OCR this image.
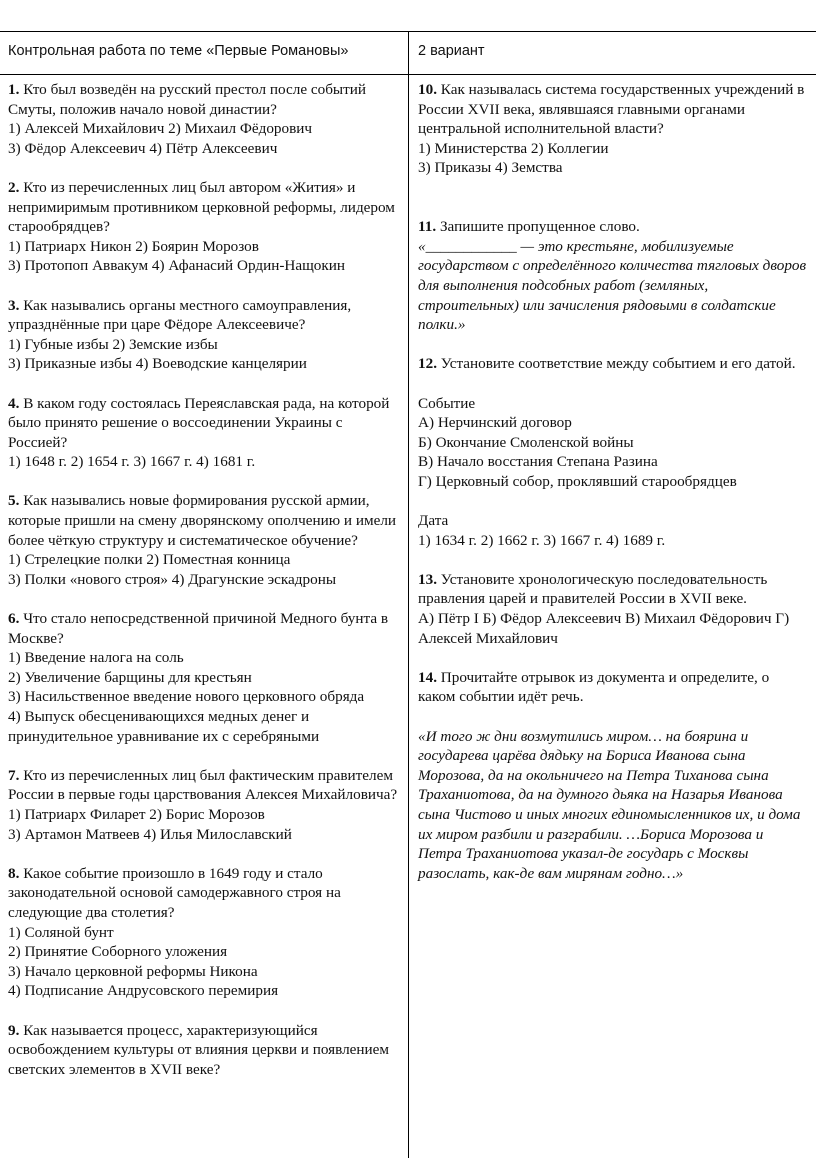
Контрольная работа по теме «Первые Романовы»	2 вариант

1. Кто был возведён на русский престол после событий Смуты, положив начало новой династии?

1) Алексей Михайлович 2) Михаил Фёдорович

3) Фёдор Алексеевич 4) Пётр Алексеевич

2. Кто из перечисленных лиц был автором «Жития» и непримиримым противником церковной реформы, лидером старообрядцев?

1) Патриарх Никон 2) Боярин Морозов

3) Протопоп Аввакум 4) Афанасий Ордин-Нащокин

3. Как назывались органы местного самоуправления, упразднённые при царе Фёдоре Алексеевиче?

1) Губные избы 2) Земские избы

3) Приказные избы 4) Воеводские канцелярии

4. В каком году состоялась Переяславская рада, на которой было принято решение о воссоединении Украины с Россией?

1) 1648 г. 2) 1654 г. 3) 1667 г. 4) 1681 г.

5. Как назывались новые формирования русской армии, которые пришли на смену дворянскому ополчению и имели более чёткую структуру и систематическое обучение?

1) Стрелецкие полки 2) Поместная конница

3) Полки «нового строя» 4) Драгунские эскадроны

6. Что стало непосредственной причиной Медного бунта в Москве?

1) Введение налога на соль

2) Увеличение барщины для крестьян

3) Насильственное введение нового церковного обряда

4) Выпуск обесценивающихся медных денег и принудительное уравнивание их с серебряными

7. Кто из перечисленных лиц был фактическим правителем России в первые годы царствования Алексея Михайловича?

1) Патриарх Филарет 2) Борис Морозов

3) Артамон Матвеев 4) Илья Милославский

8. Какое событие произошло в 1649 году и стало законодательной основой самодержавного строя на следующие два столетия?

1) Соляной бунт

2) Принятие Соборного уложения

3) Начало церковной реформы Никона

4) Подписание Андрусовского перемирия

9. Как называется процесс, характеризующийся освобождением культуры от влияния церкви и появлением светских элементов в XVII веке?

10. Как называлась система государственных учреждений в России XVII века, являвшаяся главными органами центральной исполнительной власти?

1) Министерства 2) Коллегии

3) Приказы 4) Земства

11. Запишите пропущенное слово.

«____________ — это крестьяне, мобилизуемые государством с определённого количества тягловых дворов для выполнения подсобных работ (земляных, строительных) или зачисления рядовыми в солдатские полки.»

12. Установите соответствие между событием и его датой.

Событие

А) Нерчинский договор

Б) Окончание Смоленской войны

В) Начало восстания Степана Разина

Г) Церковный собор, проклявший старообрядцев

Дата

1) 1634 г. 2) 1662 г. 3) 1667 г. 4) 1689 г.

13. Установите хронологическую последовательность правления царей и правителей России в XVII веке.

А) Пётр I Б) Фёдор Алексеевич В) Михаил Фёдорович Г) Алексей Михайлович

14. Прочитайте отрывок из документа и определите, о каком событии идёт речь.

«И того ж дни возмутились миром… на боярина и государева царёва дядьку на Бориса Иванова сына Морозова, да на окольничего на Петра Тиханова сына Траханиотова, да на думного дьяка на Назарья Иванова сына Чистово и иных многих единомысленников их, и дома их миром разбили и разграбили. …Бориса Морозова и Петра Траханиотова указал-де государь с Москвы разослать, как-де вам мирянам годно…»
